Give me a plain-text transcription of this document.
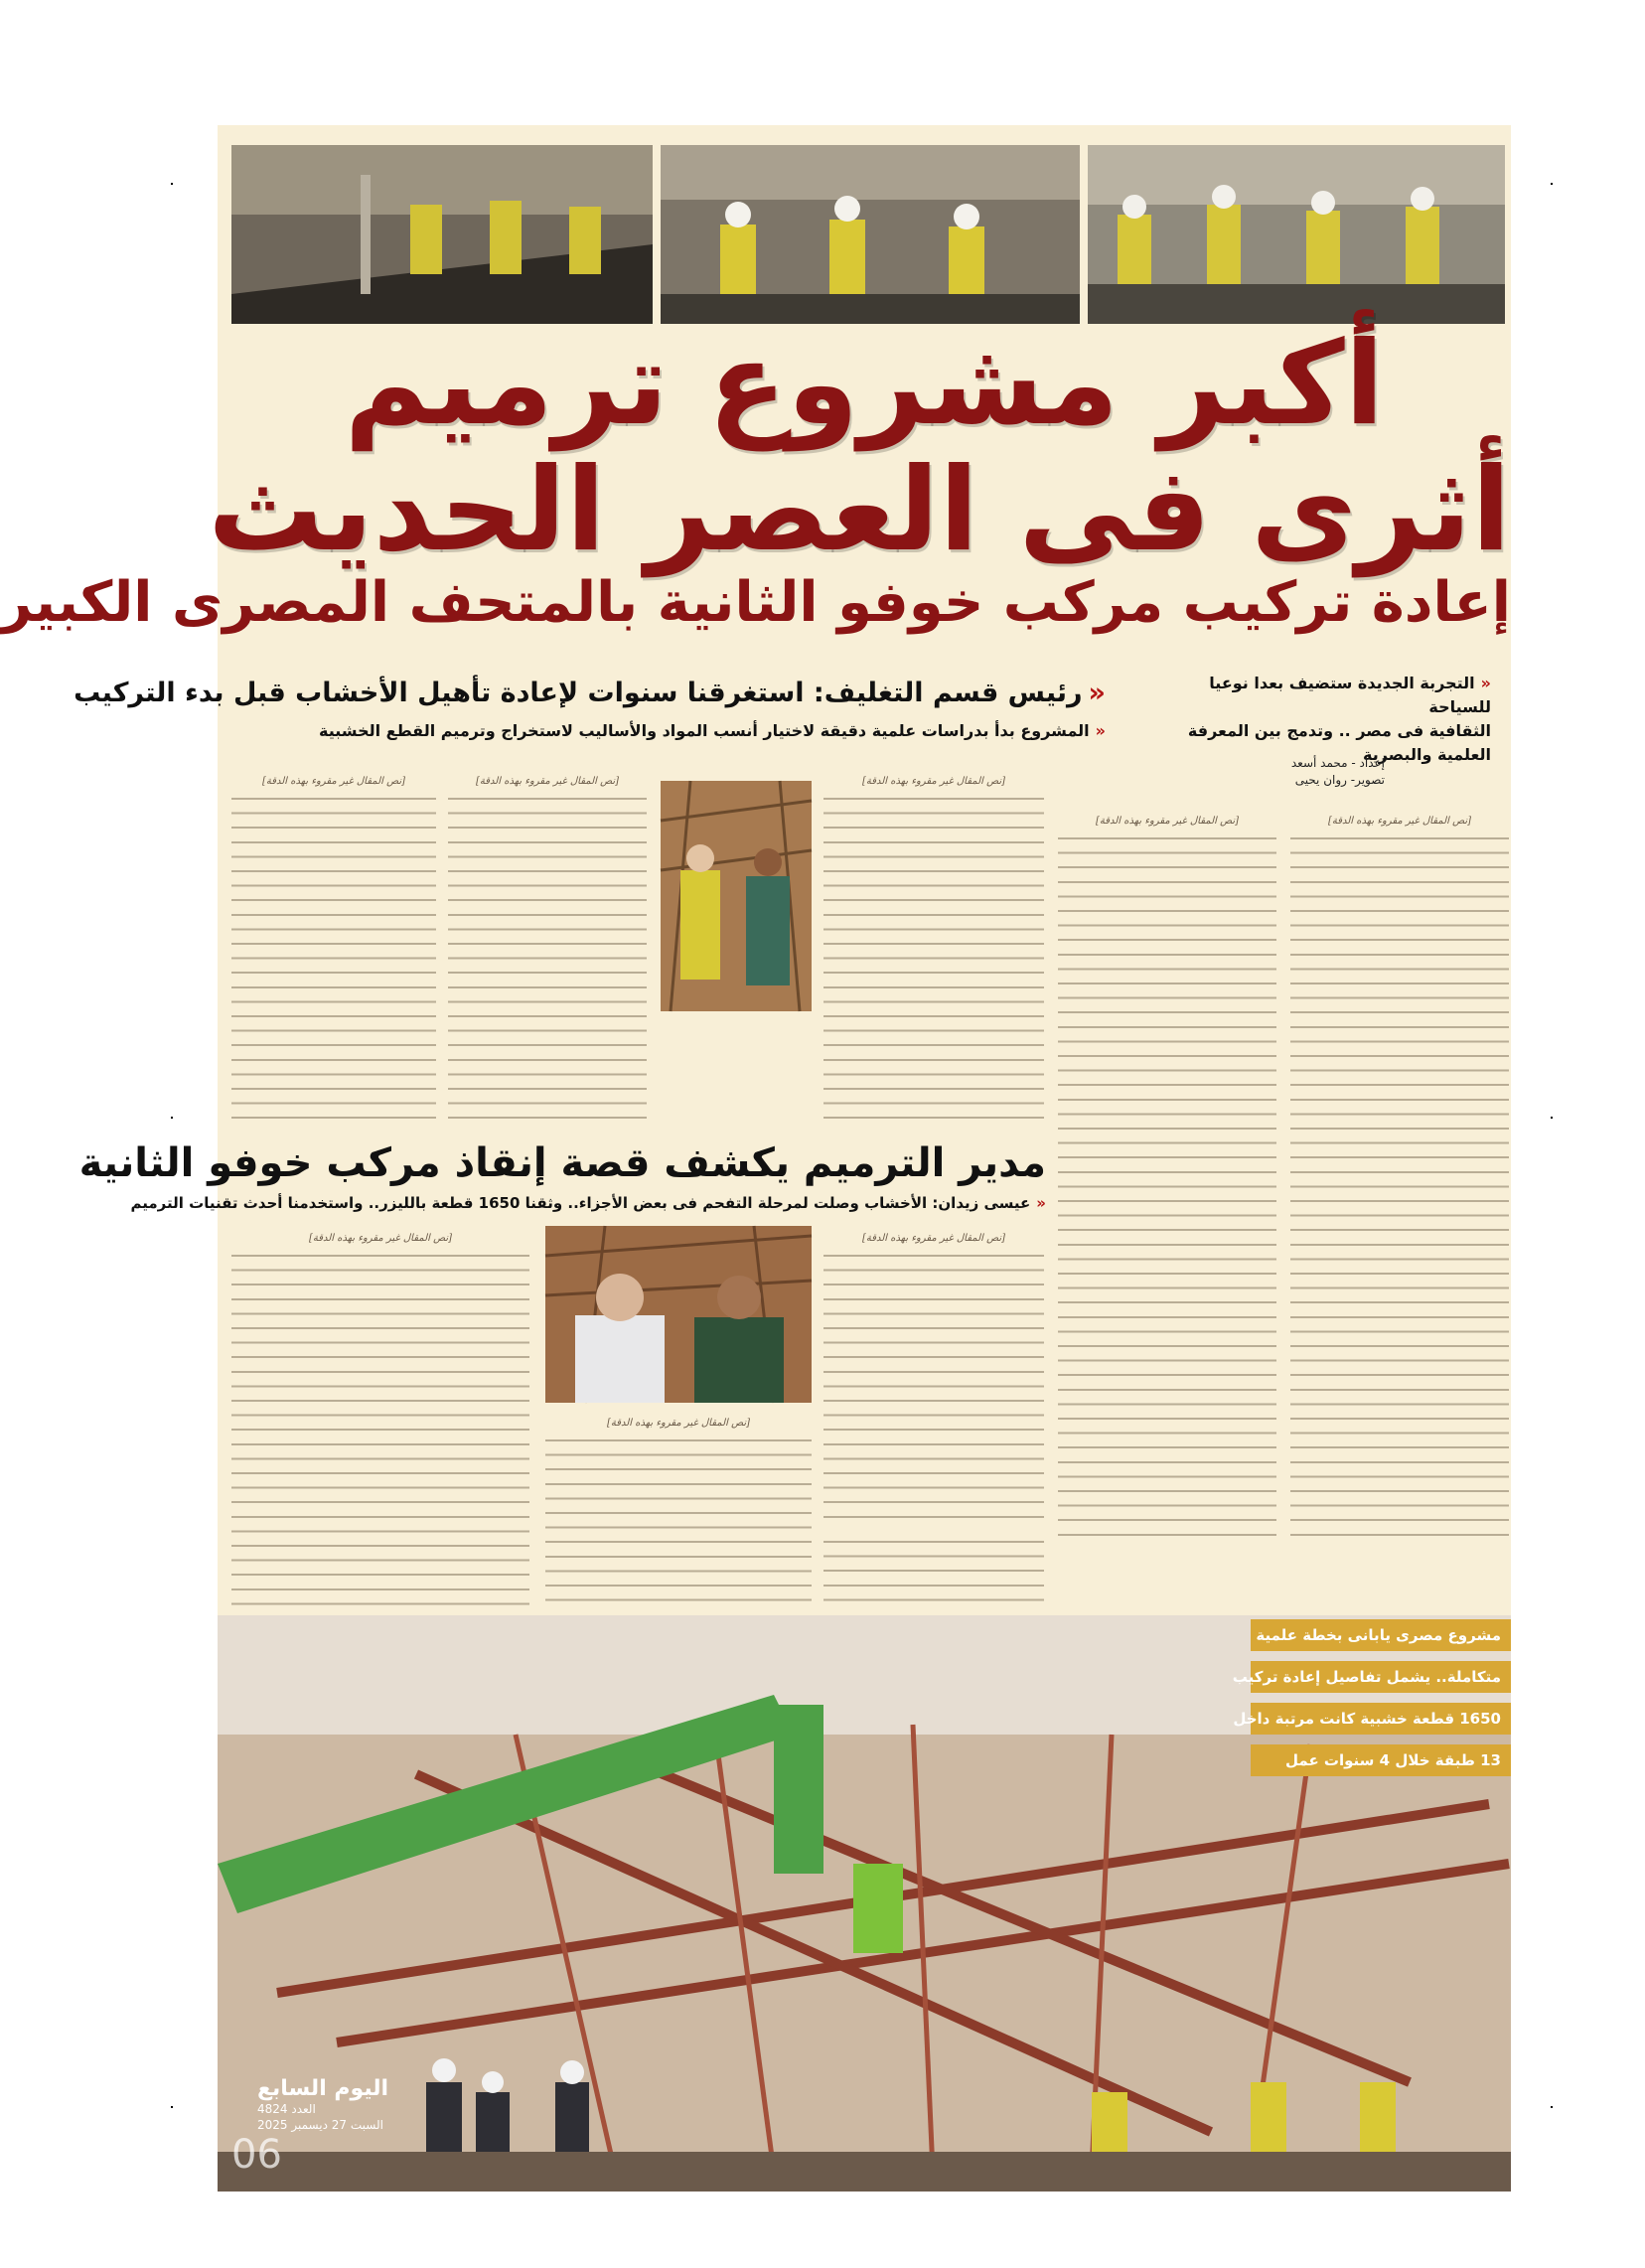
أكبر مشروع ترميم
أثرى فى العصر الحديث
إعادة تركيب مركب خوفو الثانية بالمتحف المصرى الكبير
«التجربة الجديدة ستضيف بعدا نوعيا للسياحة
الثقافية فى مصر .. وتدمج بين المعرفة العلمية والبصرية
إعداد - محمد أسعد
تصوير- روان يحيى
«رئيس قسم التغليف: استغرقنا سنوات لإعادة تأهيل الأخشاب قبل بدء التركيب
«المشروع بدأ بدراسات علمية دقيقة لاختيار أنسب المواد والأساليب لاستخراج وترميم القطع الخشبية
[نص المقال غير مقروء بهذه الدقة]
[نص المقال غير مقروء بهذه الدقة]
[نص المقال غير مقروء بهذه الدقة]
[نص المقال غير مقروء بهذه الدقة]
[نص المقال غير مقروء بهذه الدقة]
مدير الترميم يكشف قصة إنقاذ مركب خوفو الثانية
«عيسى زيدان: الأخشاب وصلت لمرحلة التفحم فى بعض الأجزاء.. وثقنا 1650 قطعة بالليزر.. واستخدمنا أحدث تقنيات الترميم
[نص المقال غير مقروء بهذه الدقة]
[نص المقال غير مقروء بهذه الدقة]
[نص المقال غير مقروء بهذه الدقة]
مشروع مصرى يابانى بخطة علمية
متكاملة.. يشمل تفاصيل إعادة تركيب
1650 قطعة خشبية كانت مرتبة داخل
13 طبقة خلال 4 سنوات عمل
اليوم السابع
العدد 4824
السبت 27 ديسمبر 2025
06
